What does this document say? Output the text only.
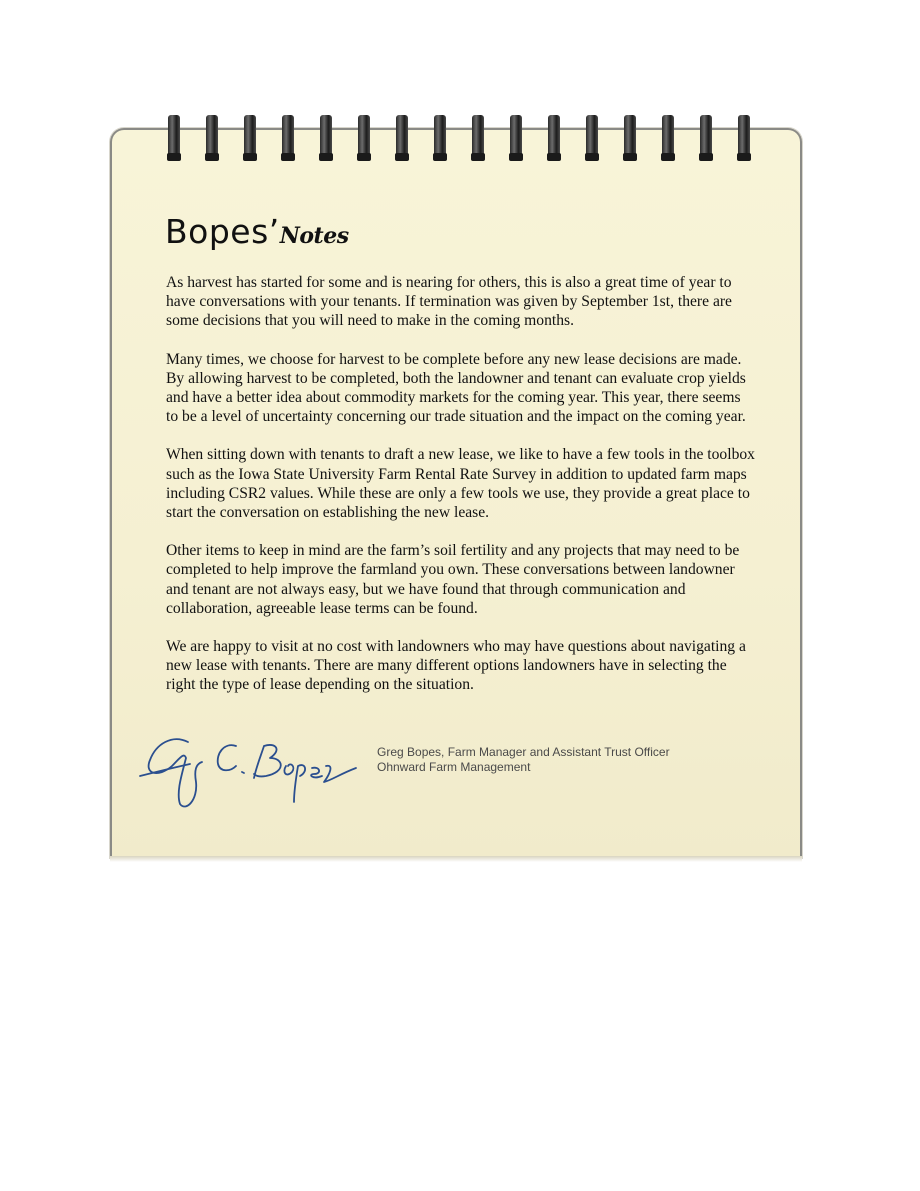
Bopes’Notes

As harvest has started for some and is nearing for others, this is also a great time of year to have conversations with your tenants. If termination was given by September 1st, there are some decisions that you will need to make in the coming months.

Many times, we choose for harvest to be complete before any new lease decisions are made. By allowing harvest to be completed, both the landowner and tenant can evaluate crop yields and have a better idea about commodity markets for the coming year. This year, there seems to be a level of uncertainty concerning our trade situation and the impact on the coming year.

When sitting down with tenants to draft a new lease, we like to have a few tools in the toolbox such as the Iowa State University Farm Rental Rate Survey in addition to updated farm maps including CSR2 values. While these are only a few tools we use, they provide a great place to start the conversation on establishing the new lease.

Other items to keep in mind are the farm’s soil fertility and any projects that may need to be completed to help improve the farmland you own. These conversations between landowner and tenant are not always easy, but we have found that through communication and collaboration, agreeable lease terms can be found.

We are happy to visit at no cost with landowners who may have questions about navigating a new lease with tenants. There are many different options landowners have in selecting the right the type of lease depending on the situation.

Greg Bopes, Farm Manager and Assistant Trust Officer
Ohnward Farm Management
